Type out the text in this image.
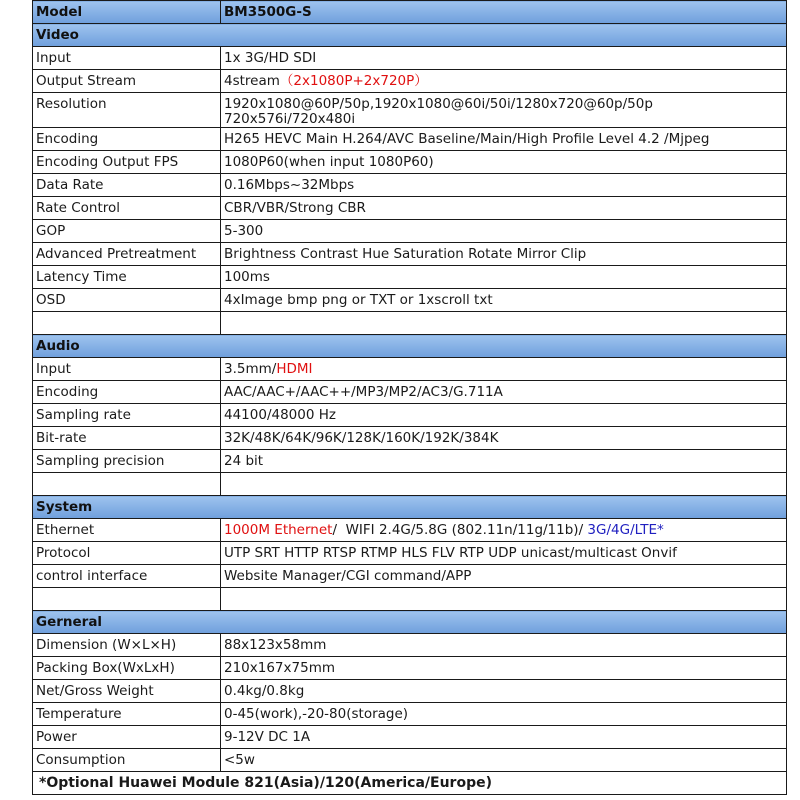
Model	BM3500G-S
Video	
Input	1x 3G/HD SDI
Output Stream	4stream（2x1080P+2x720P）
Resolution	1920x1080@60P/50p,1920x1080@60i/50i/1280x720@60p/50p
720x576i/720x480i

Encoding	H265 HEVC Main H.264/AVC Baseline/Main/High Profile Level 4.2 /Mjpeg
Encoding Output FPS	1080P60(when input 1080P60)
Data Rate	0.16Mbps~32Mbps
Rate Control	CBR/VBR/Strong CBR
GOP	5-300
Advanced Pretreatment	Brightness Contrast Hue Saturation Rotate Mirror Clip
Latency Time	100ms
OSD	4xImage bmp png or TXT or 1xscroll txt

Audio	
Input	3.5mm/HDMI
Encoding	AAC/AAC+/AAC++/MP3/MP2/AC3/G.711A
Sampling rate	44100/48000 Hz
Bit-rate	32K/48K/64K/96K/128K/160K/192K/384K
Sampling precision	24 bit

System	
Ethernet	1000M Ethernet/  WIFI 2.4G/5.8G (802.11n/11g/11b)/ 3G/4G/LTE*
Protocol	UTP SRT HTTP RTSP RTMP HLS FLV RTP UDP unicast/multicast Onvif
control interface	Website Manager/CGI command/APP

Gerneral	
Dimension (W×L×H)	88x123x58mm
Packing Box(WxLxH)	210x167x75mm
Net/Gross Weight	0.4kg/0.8kg
Temperature	0-45(work),-20-80(storage)
Power	9-12V DC 1A
Consumption	<5w
*Optional Huawei Module 821(Asia)/120(America/Europe)	
